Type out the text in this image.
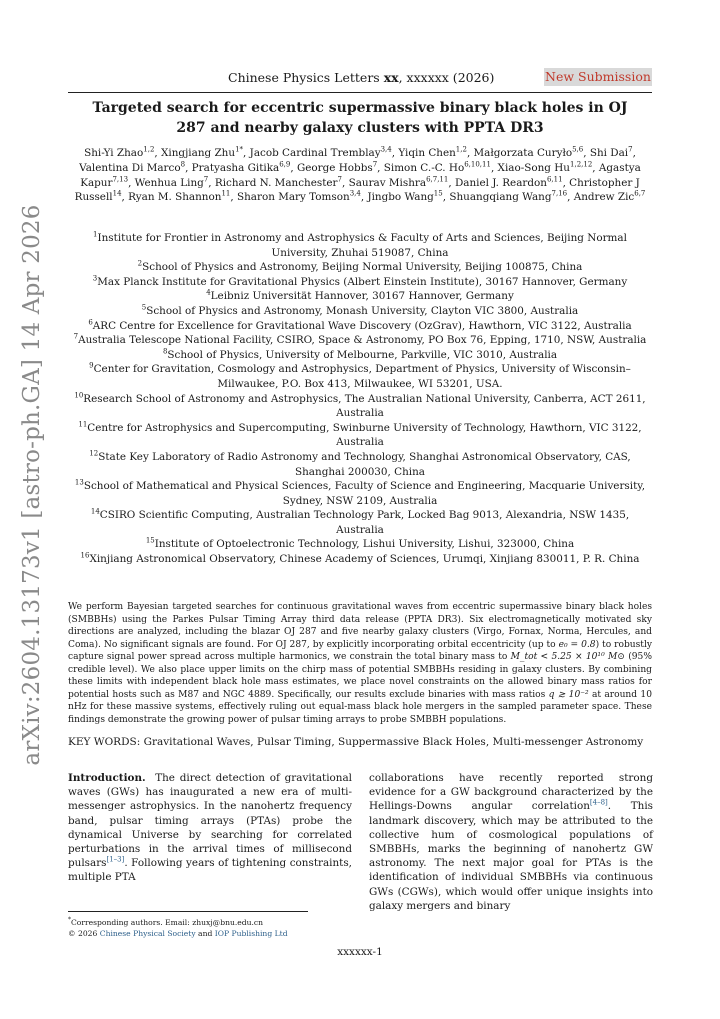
arXiv:2604.13173v1 [astro-ph.GA] 14 Apr 2026
Chinese Physics Letters xx, xxxxxx (2026)	New Submission
Targeted search for eccentric supermassive binary black holes in OJ 287 and nearby galaxy clusters with PPTA DR3
Shi-Yi Zhao$^{1,2}$, Xingjiang Zhu$^{1*}$, Jacob Cardinal Tremblay$^{3,4}$, Yiqin Chen$^{1,2}$, Małgorzata Curyło$^{5,6}$, Shi Dai$^7$, Valentina Di Marco$^8$, Pratyasha Gitika$^{6,9}$, George Hobbs$^7$, Simon C.-C. Ho$^{6,10,11}$, Xiao-Song Hu$^{1,2,12}$, Agastya Kapur$^{7,13}$, Wenhua Ling$^7$, Richard N. Manchester$^7$, Saurav Mishra$^{6,7,11}$, Daniel J. Reardon$^{6,11}$, Christopher J Russell$^{14}$, Ryan M. Shannon$^{11}$, Sharon Mary Tomson$^{3,4}$, Jingbo Wang$^{15}$, Shuangqiang Wang$^{7,16}$, Andrew Zic$^{6,7}$
$^1$Institute for Frontier in Astronomy and Astrophysics & Faculty of Arts and Sciences, Beijing Normal University, Zhuhai 519087, China
$^2$School of Physics and Astronomy, Beijing Normal University, Beijing 100875, China
$^3$Max Planck Institute for Gravitational Physics (Albert Einstein Institute), 30167 Hannover, Germany
$^4$Leibniz Universität Hannover, 30167 Hannover, Germany
$^5$School of Physics and Astronomy, Monash University, Clayton VIC 3800, Australia
$^6$ARC Centre for Excellence for Gravitational Wave Discovery (OzGrav), Hawthorn, VIC 3122, Australia
$^7$Australia Telescope National Facility, CSIRO, Space & Astronomy, PO Box 76, Epping, 1710, NSW, Australia
$^8$School of Physics, University of Melbourne, Parkville, VIC 3010, Australia
$^9$Center for Gravitation, Cosmology and Astrophysics, Department of Physics, University of Wisconsin–Milwaukee, P.O. Box 413, Milwaukee, WI 53201, USA.
$^{10}$Research School of Astronomy and Astrophysics, The Australian National University, Canberra, ACT 2611, Australia
$^{11}$Centre for Astrophysics and Supercomputing, Swinburne University of Technology, Hawthorn, VIC 3122, Australia
$^{12}$State Key Laboratory of Radio Astronomy and Technology, Shanghai Astronomical Observatory, CAS, Shanghai 200030, China
$^{13}$School of Mathematical and Physical Sciences, Faculty of Science and Engineering, Macquarie University, Sydney, NSW 2109, Australia
$^{14}$CSIRO Scientific Computing, Australian Technology Park, Locked Bag 9013, Alexandria, NSW 1435, Australia
$^{15}$Institute of Optoelectronic Technology, Lishui University, Lishui, 323000, China
$^{16}$Xinjiang Astronomical Observatory, Chinese Academy of Sciences, Urumqi, Xinjiang 830011, P. R. China
We perform Bayesian targeted searches for continuous gravitational waves from eccentric supermassive binary black holes (SMBBHs) using the Parkes Pulsar Timing Array third data release (PPTA DR3). Six electromagnetically motivated sky directions are analyzed, including the blazar OJ 287 and five nearby galaxy clusters (Virgo, Fornax, Norma, Hercules, and Coma). No significant signals are found. For OJ 287, by explicitly incorporating orbital eccentricity (up to e₀ = 0.8) to robustly capture signal power spread across multiple harmonics, we constrain the total binary mass to M_tot < 5.25 × 10¹⁰ M⊙ (95% credible level). We also place upper limits on the chirp mass of potential SMBBHs residing in galaxy clusters. By combining these limits with independent black hole mass estimates, we place novel constraints on the allowed binary mass ratios for potential hosts such as M87 and NGC 4889. Specifically, our results exclude binaries with mass ratios q ≳ 10⁻² at around 10 nHz for these massive systems, effectively ruling out equal-mass black hole mergers in the sampled parameter space. These findings demonstrate the growing power of pulsar timing arrays to probe SMBBH populations.
KEY WORDS: Gravitational Waves, Pulsar Timing, Suppermassive Black Holes, Multi-messenger Astronomy
Introduction. The direct detection of gravitational waves (GWs) has inaugurated a new era of multi-messenger astrophysics. In the nanohertz frequency band, pulsar timing arrays (PTAs) probe the dynamical Universe by searching for correlated perturbations in the arrival times of millisecond pulsars[1–3]. Following years of tightening constraints, multiple PTA
collaborations have recently reported strong evidence for a GW background characterized by the Hellings-Downs angular correlation[4–8]. This landmark discovery, which may be attributed to the collective hum of cosmological populations of SMBBHs, marks the beginning of nanohertz GW astronomy. The next major goal for PTAs is the identification of individual SMBBHs via continuous GWs (CGWs), which would offer unique insights into galaxy mergers and binary
*Corresponding authors. Email: zhuxj@bnu.edu.cn
© 2026 Chinese Physical Society and IOP Publishing Ltd
xxxxxx-1
